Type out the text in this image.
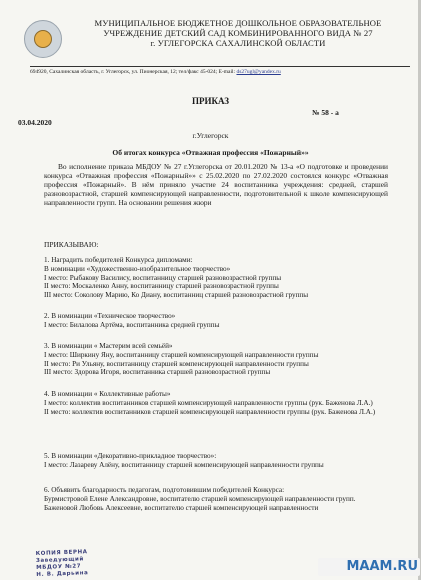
МУНИЦИПАЛЬНОЕ БЮДЖЕТНОЕ ДОШКОЛЬНОЕ ОБРАЗОВАТЕЛЬНОЕ
УЧРЕЖДЕНИЕ ДЕТСКИЙ САД КОМБИНИРОВАННОГО ВИДА № 27
г. УГЛЕГОРСКА САХАЛИНСКОЙ ОБЛАСТИ
694920, Сахалинская область, г. Углегорск, ул. Пионерская, 12; тел/факс 45-024; E-mail: ds27ugl@yandex.ru
ПРИКАЗ
№ 58 - а
03.04.2020
г.Углегорск
Об итогах конкурса «Отважная профессия «Пожарный»»
Во исполнение приказа МБДОУ № 27 г.Углегорска от 20.01.2020 № 13-а «О подготовке и проведении конкурса «Отважная профессия «Пожарный»» с 25.02.2020 по 27.02.2020 состоялся конкурс «Отважная профессия «Пожарный». В нём приняло участие 24 воспитанника учреждения: средней, старшей разновозрастной, старшей компенсирующей направленности, подготовительной к школе компенсирующей направленности групп. На основании решения жюри
ПРИКАЗЫВАЮ:

1. Наградить победителей Конкурса дипломами:

В номинации «Художественно-изобразительное творчество»

I место: Рыбакову Василису, воспитанницу старшей разновозрастной группы

II место: Москаленко Анну, воспитанницу старшей разновозрастной группы

III место: Соколову Марию, Ко Диану, воспитанниц старшей разновозрастной группы

2. В номинации «Техническое творчество»

I место: Билалова Артёма, воспитанника средней группы

3. В номинации « Мастерим всей семьёй»

I место: Ширкину Яну, воспитанницу старшей компенсирующей направленности группы

II место: Ри Ульяну, воспитанницу старшей компенсирующей направленности группы

III место: Здорова Игоря, воспитанника старшей разновозрастной группы

4. В номинации « Коллективные работы»

I место: коллектив воспитанников старшей компенсирующей направленности группы (рук. Баженова Л.А.)

II место: коллектив воспитанников старшей компенсирующей направленности группы (рук. Баженова Л.А.)

5. В номинации «Декоративно-прикладное творчество»:

I место: Лазареву Алёну, воспитанницу старшей компенсирующей направленности группы

6. Объявить благодарность педагогам, подготовившим победителей Конкурса:

Бурмистровой Елене Александровне, воспитателю старшей компенсирующей направленности групп.

Баженовой Любовь Алексеевне, воспитателю старшей компенсирующей направленности

КОПИЯ ВЕРНА
Заведующий МБДОУ №27
Н. В. Дарьина
MAAM.RU
